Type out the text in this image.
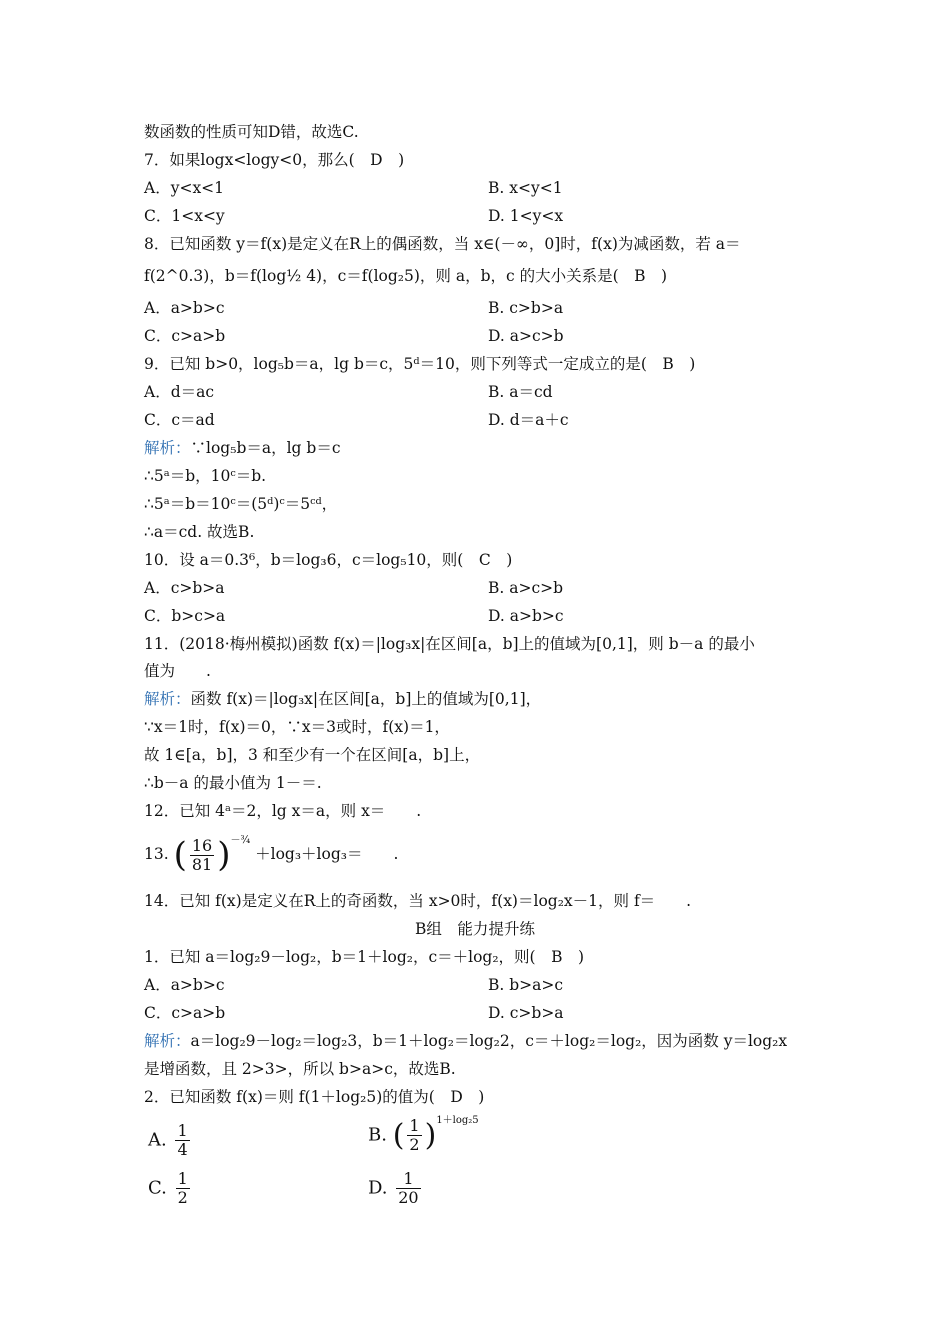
数函数的性质可知D错，故选C.
7．如果logx<logy<0，那么(　D　)
A．y<x<1
C．1<x<y
8．已知函数 y＝f(x)是定义在R上的偶函数，当 x∈(－∞，0]时，f(x)为减函数，若 a＝
f(2^0.3)，b＝f(log½ 4)，c＝f(log₂5)，则 a，b，c 的大小关系是(　B　)
A．a>b>c
C．c>a>b
9．已知 b>0，log₅b＝a，lg b＝c，5ᵈ＝10，则下列等式一定成立的是(　B　)
A．d＝ac
C．c＝ad
∴5ᵃ＝b，10ᶜ＝b.
∴5ᵃ＝b＝10ᶜ＝(5ᵈ)ᶜ＝5ᶜᵈ，
∴a＝cd. 故选B.
10．设 a＝0.3⁶，b＝log₃6，c＝log₅10，则(　C　)
A．c>b>a
C．b>c>a
11．(2018·梅州模拟)函数 f(x)＝|log₃x|在区间[a，b]上的值域为[0,1]，则 b－a 的最小
值为　　.
∵x＝1时，f(x)＝0，∵x＝3或时，f(x)＝1，
故 1∈[a，b]，3 和至少有一个在区间[a，b]上，
∴b－a 的最小值为 1－＝.
12．已知 4ᵃ＝2，lg x＝a，则 x＝　　.
14．已知 f(x)是定义在R上的奇函数，当 x>0时，f(x)＝log₂x－1，则 f＝　　.
1．已知 a＝log₂9－log₂，b＝1＋log₂，c＝＋log₂，则(　B　)
A．a>b>c
C．c>a>b
是增函数，且 2>3>，所以 b>a>c，故选B.
2．已知函数 f(x)＝则 f(1＋log₂5)的值为(　D　)
B. x<y<1
D. 1<y<x
B. c>b>a
D. a>c>b
B. a＝cd
D. d＝a＋c
B. a>c>b
D. a>b>c
B. b>a>c
D. c>b>a
解析：∵log₅b＝a，lg b＝c
解析：函数 f(x)＝|log₃x|在区间[a，b]上的值域为[0,1]，
解析：a＝log₂9－log₂＝log₂3，b＝1＋log₂＝log₂2，c＝＋log₂＝log₂，因为函数 y＝log₂x
13. ( $\frac{16}{81} )^{-\frac{3}{4}} +\log_3+\log_3=$　　.
B组　能力提升练
A. $\frac{1}{4}$	B. ( $\frac{1}{2} )^{1+log_25}$
C. $\frac{1}{2}$	D. $\frac{1}{20}$
